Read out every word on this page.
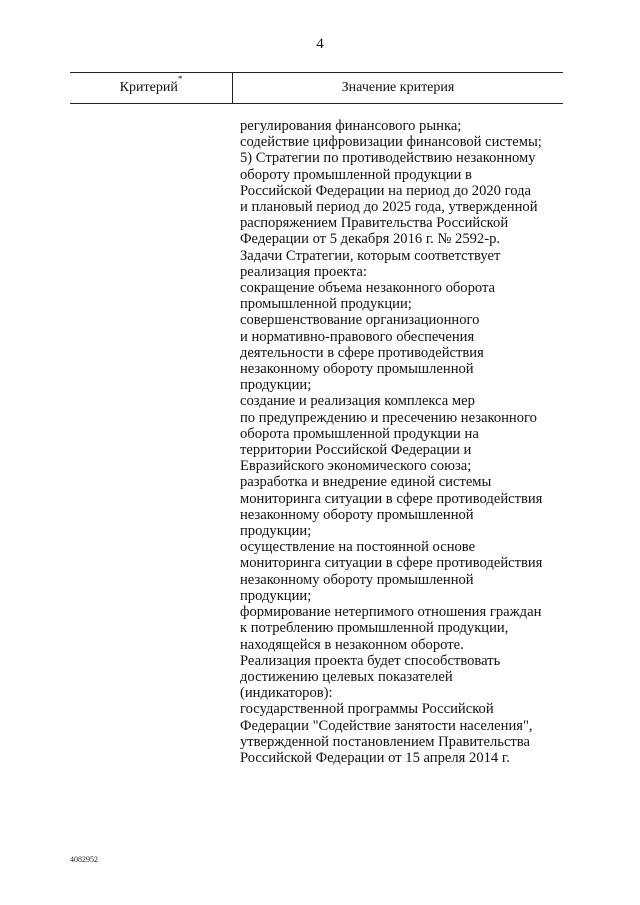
4
Критерий*
Значение критерия
регулирования финансового рынка;
содействие цифровизации финансовой системы;
5) Стратегии по противодействию незаконному
обороту промышленной продукции в
Российской Федерации на период до 2020 года
и плановый период до 2025 года, утвержденной
распоряжением Правительства Российской
Федерации от 5 декабря 2016 г. № 2592-р.
Задачи Стратегии, которым соответствует
реализация проекта:
сокращение объема незаконного оборота
промышленной продукции;
совершенствование организационного
и нормативно-правового обеспечения
деятельности в сфере противодействия
незаконному обороту промышленной
продукции;
создание и реализация комплекса мер
по предупреждению и пресечению незаконного
оборота промышленной продукции на
территории Российской Федерации и
Евразийского экономического союза;
разработка и внедрение единой системы
мониторинга ситуации в сфере противодействия
незаконному обороту промышленной
продукции;
осуществление на постоянной основе
мониторинга ситуации в сфере противодействия
незаконному обороту промышленной
продукции;
формирование нетерпимого отношения граждан
к потреблению промышленной продукции,
находящейся в незаконном обороте.
Реализация проекта будет способствовать
достижению целевых показателей
(индикаторов):
государственной программы Российской
Федерации "Содействие занятости населения",
утвержденной постановлением Правительства
Российской Федерации от 15 апреля 2014 г.
4082952
